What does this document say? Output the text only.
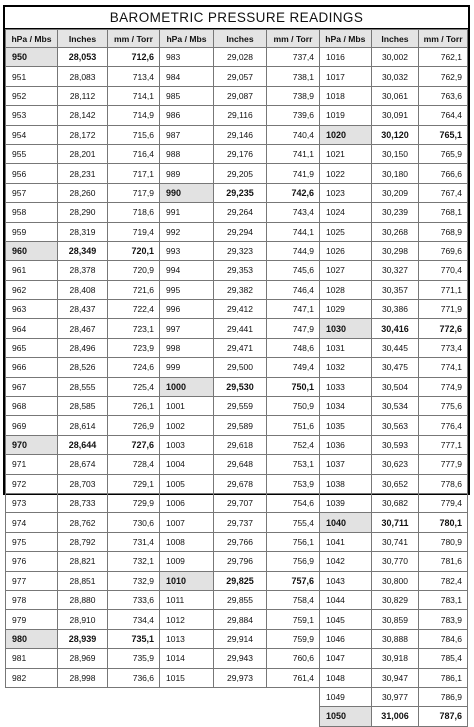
BAROMETRIC PRESSURE READINGS
hPa / Mbs	Inches	mm / Torr
950	28,053	712,6
951	28,083	713,4
952	28,112	714,1
953	28,142	714,9
954	28,172	715,6
955	28,201	716,4
956	28,231	717,1
957	28,260	717,9
958	28,290	718,6
959	28,319	719,4
960	28,349	720,1
961	28,378	720,9
962	28,408	721,6
963	28,437	722,4
964	28,467	723,1
965	28,496	723,9
966	28,526	724,6
967	28,555	725,4
968	28,585	726,1
969	28,614	726,9
970	28,644	727,6
971	28,674	728,4
972	28,703	729,1
973	28,733	729,9
974	28,762	730,6
975	28,792	731,4
976	28,821	732,1
977	28,851	732,9
978	28,880	733,6
979	28,910	734,4
980	28,939	735,1
981	28,969	735,9
982	28,998	736,6
hPa / Mbs	Inches	mm / Torr
983	29,028	737,4
984	29,057	738,1
985	29,087	738,9
986	29,116	739,6
987	29,146	740,4
988	29,176	741,1
989	29,205	741,9
990	29,235	742,6
991	29,264	743,4
992	29,294	744,1
993	29,323	744,9
994	29,353	745,6
995	29,382	746,4
996	29,412	747,1
997	29,441	747,9
998	29,471	748,6
999	29,500	749,4
1000	29,530	750,1
1001	29,559	750,9
1002	29,589	751,6
1003	29,618	752,4
1004	29,648	753,1
1005	29,678	753,9
1006	29,707	754,6
1007	29,737	755,4
1008	29,766	756,1
1009	29,796	756,9
1010	29,825	757,6
1011	29,855	758,4
1012	29,884	759,1
1013	29,914	759,9
1014	29,943	760,6
1015	29,973	761,4
hPa / Mbs	Inches	mm / Torr
1016	30,002	762,1
1017	30,032	762,9
1018	30,061	763,6
1019	30,091	764,4
1020	30,120	765,1
1021	30,150	765,9
1022	30,180	766,6
1023	30,209	767,4
1024	30,239	768,1
1025	30,268	768,9
1026	30,298	769,6
1027	30,327	770,4
1028	30,357	771,1
1029	30,386	771,9
1030	30,416	772,6
1031	30,445	773,4
1032	30,475	774,1
1033	30,504	774,9
1034	30,534	775,6
1035	30,563	776,4
1036	30,593	777,1
1037	30,623	777,9
1038	30,652	778,6
1039	30,682	779,4
1040	30,711	780,1
1041	30,741	780,9
1042	30,770	781,6
1043	30,800	782,4
1044	30,829	783,1
1045	30,859	783,9
1046	30,888	784,6
1047	30,918	785,4
1048	30,947	786,1
1049	30,977	786,9
1050	31,006	787,6
